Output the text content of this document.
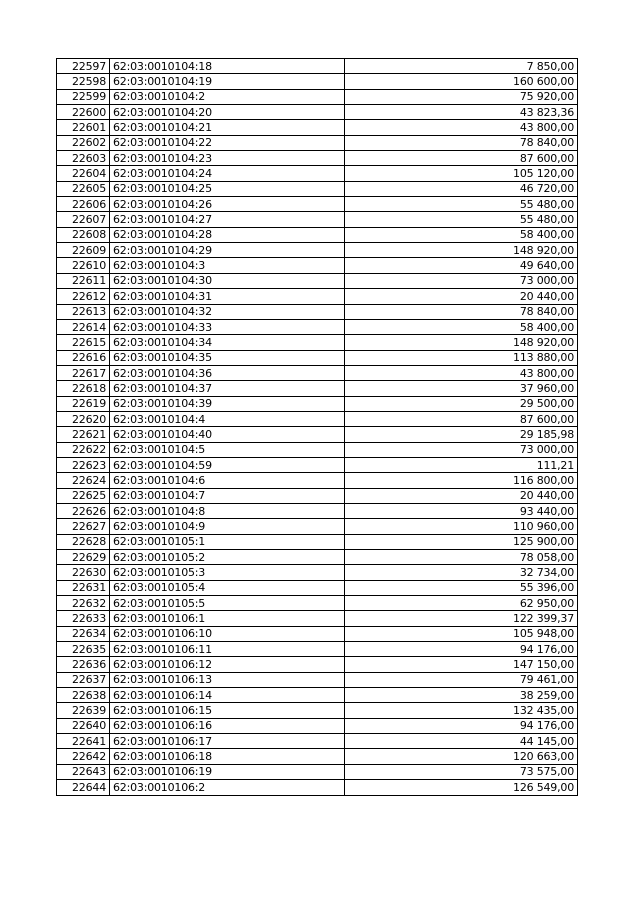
22597	62:03:0010104:18	7 850,00
22598	62:03:0010104:19	160 600,00
22599	62:03:0010104:2	75 920,00
22600	62:03:0010104:20	43 823,36
22601	62:03:0010104:21	43 800,00
22602	62:03:0010104:22	78 840,00
22603	62:03:0010104:23	87 600,00
22604	62:03:0010104:24	105 120,00
22605	62:03:0010104:25	46 720,00
22606	62:03:0010104:26	55 480,00
22607	62:03:0010104:27	55 480,00
22608	62:03:0010104:28	58 400,00
22609	62:03:0010104:29	148 920,00
22610	62:03:0010104:3	49 640,00
22611	62:03:0010104:30	73 000,00
22612	62:03:0010104:31	20 440,00
22613	62:03:0010104:32	78 840,00
22614	62:03:0010104:33	58 400,00
22615	62:03:0010104:34	148 920,00
22616	62:03:0010104:35	113 880,00
22617	62:03:0010104:36	43 800,00
22618	62:03:0010104:37	37 960,00
22619	62:03:0010104:39	29 500,00
22620	62:03:0010104:4	87 600,00
22621	62:03:0010104:40	29 185,98
22622	62:03:0010104:5	73 000,00
22623	62:03:0010104:59	111,21
22624	62:03:0010104:6	116 800,00
22625	62:03:0010104:7	20 440,00
22626	62:03:0010104:8	93 440,00
22627	62:03:0010104:9	110 960,00
22628	62:03:0010105:1	125 900,00
22629	62:03:0010105:2	78 058,00
22630	62:03:0010105:3	32 734,00
22631	62:03:0010105:4	55 396,00
22632	62:03:0010105:5	62 950,00
22633	62:03:0010106:1	122 399,37
22634	62:03:0010106:10	105 948,00
22635	62:03:0010106:11	94 176,00
22636	62:03:0010106:12	147 150,00
22637	62:03:0010106:13	79 461,00
22638	62:03:0010106:14	38 259,00
22639	62:03:0010106:15	132 435,00
22640	62:03:0010106:16	94 176,00
22641	62:03:0010106:17	44 145,00
22642	62:03:0010106:18	120 663,00
22643	62:03:0010106:19	73 575,00
22644	62:03:0010106:2	126 549,00
